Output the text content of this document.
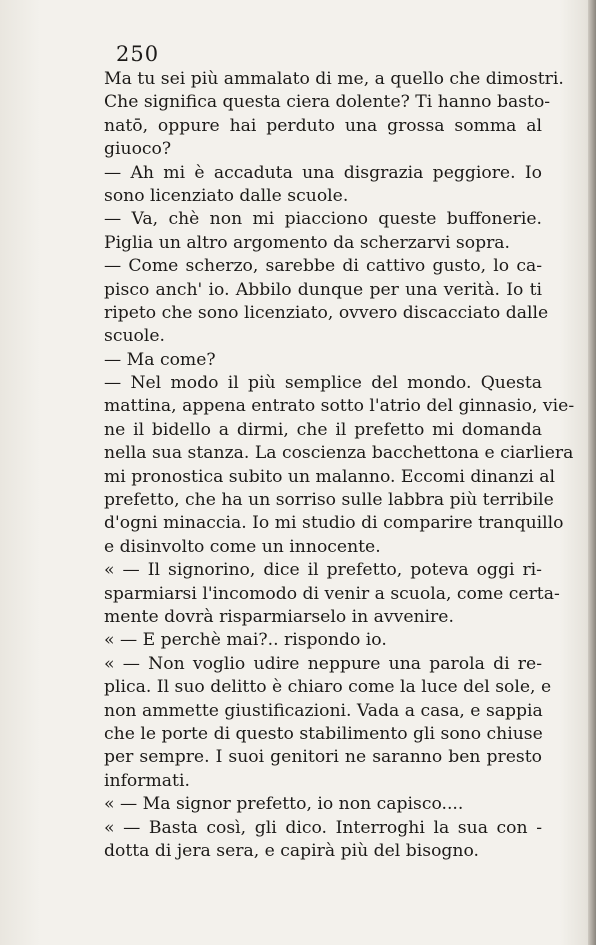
250
Ma tu sei più ammalato di me, a quello che dimostri.
Che significa questa ciera dolente? Ti hanno basto-
natō, oppure hai perduto una grossa somma al
giuoco?
— Ah mi è accaduta una disgrazia peggiore. Io
sono licenziato dalle scuole.
— Va, chè non mi piacciono queste buffonerie.
Piglia un altro argomento da scherzarvi sopra.
— Come scherzo, sarebbe di cattivo gusto, lo ca-
pisco anch' io. Abbilo dunque per una verità. Io ti
ripeto che sono licenziato, ovvero discacciato dalle
scuole.
— Ma come?
— Nel modo il più semplice del mondo. Questa
mattina, appena entrato sotto l'atrio del ginnasio, vie-
ne il bidello a dirmi, che il prefetto mi domanda
nella sua stanza. La coscienza bacchettona e ciarliera
mi pronostica subito un malanno. Eccomi dinanzi al
prefetto, che ha un sorriso sulle labbra più terribile
d'ogni minaccia. Io mi studio di comparire tranquillo
e disinvolto come un innocente.
« — Il signorino, dice il prefetto, poteva oggi ri-
sparmiarsi l'incomodo di venir a scuola, come certa-
mente dovrà risparmiarselo in avvenire.
« — E perchè mai?.. rispondo io.
« — Non voglio udire neppure una parola di re-
plica. Il suo delitto è chiaro come la luce del sole, e
non ammette giustificazioni. Vada a casa, e sappia
che le porte di questo stabilimento gli sono chiuse
per sempre. I suoi genitori ne saranno ben presto
informati.
« — Ma signor prefetto, io non capisco....
« — Basta così, gli dico. Interroghi la sua con -
dotta di jera sera, e capirà più del bisogno.
